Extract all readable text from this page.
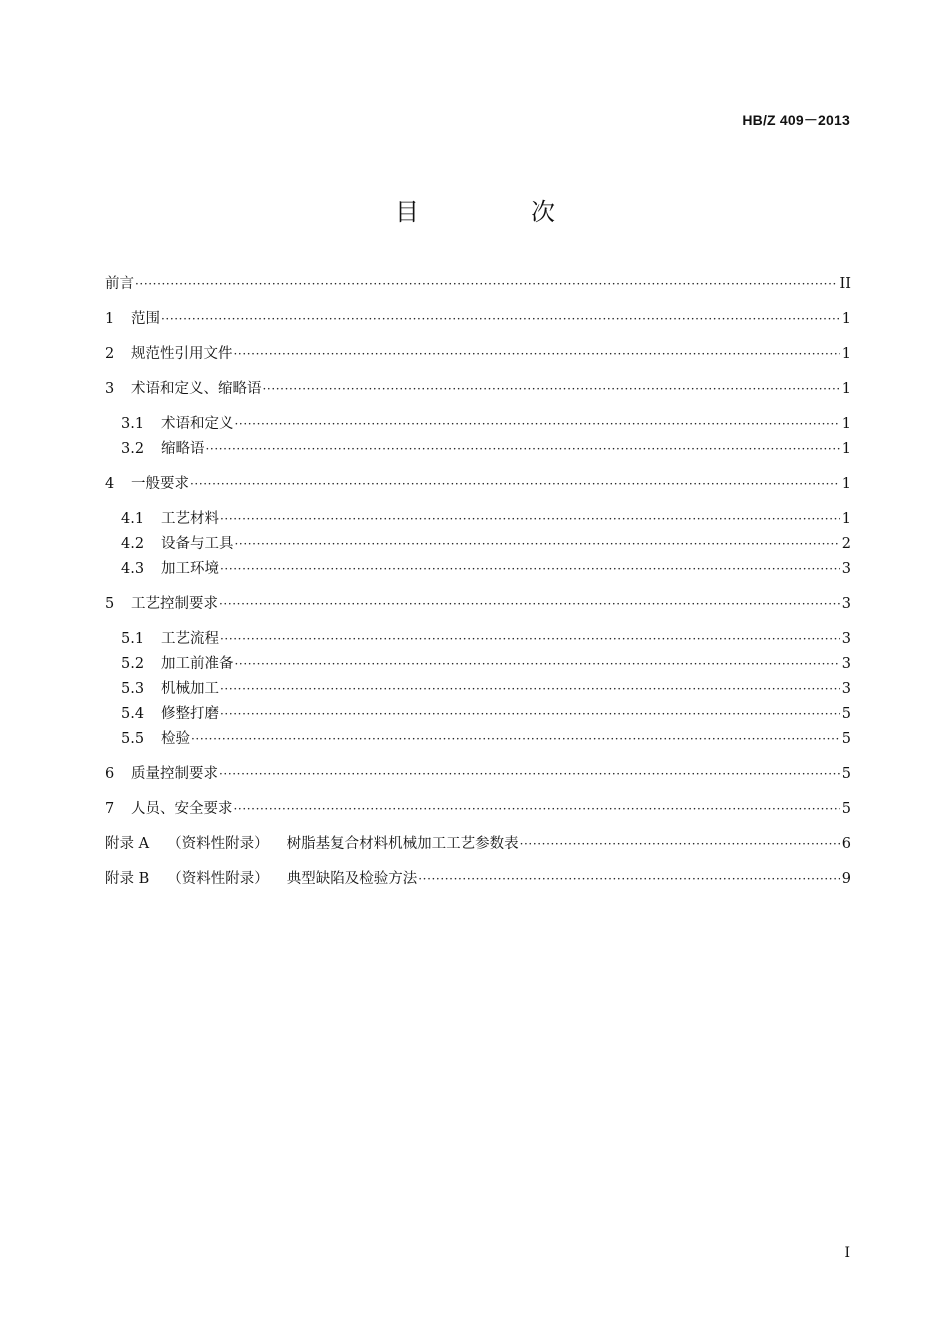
HB/Z 409－2013
目　次
前言 ·····	II
1	范围 ·····	1
2	规范性引用文件 ·····	1
3	术语和定义、缩略语 ·····	1
3.1	术语和定义 ·····	1
3.2	缩略语 ·····	1
4	一般要求 ·····	1
4.1	工艺材料 ·····	1
4.2	设备与工具 ·····	2
4.3	加工环境 ·····	3
5	工艺控制要求 ·····	3
5.1	工艺流程 ·····	3
5.2	加工前准备 ·····	3
5.3	机械加工 ·····	3
5.4	修整打磨 ·····	5
5.5	检验 ·····	5
6	质量控制要求 ·····	5
7	人员、安全要求 ·····	5
附录 A	（资料性附录）	树脂基复合材料机械加工工艺参数表 ·····	6
附录 B	（资料性附录）	典型缺陷及检验方法 ·····	9
I
